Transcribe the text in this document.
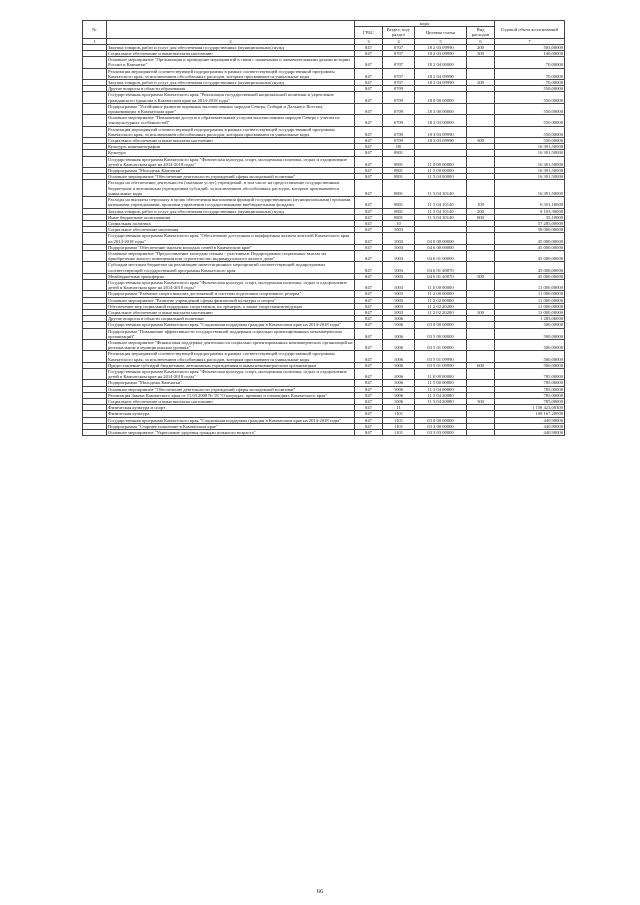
№		коды				Годовой объем ассигнований
		ГРБС	Раздел, под-раздел	Целевая статья	Вид расходов	
1	2	3	4	5	6	7
	Закупка товаров, работ и услуг для обеспечения государственных (муниципальных) нужд	847	0707	18 2 03 09990	200	505,00000
	Социальное обеспечение и иные выплаты населению	847	0707	18 2 03 09990	300	140,00000
	Основное мероприятие "Организация и проведение мероприятий в связи с памятными и знаменательными датами истории России и Камчатки"	847	0707	18 2 04 00000		70,00000
	Реализация мероприятий соответствующей подпрограммы в рамках соответствующей государственной программы Камчатского края, за исключением обособленных расходов, которым присваиваются уникальные коды	847	0707	18 2 04 09990		70,00000
	Закупка товаров, работ и услуг для обеспечения государственных (муниципальных) нужд	847	0707	18 2 04 09990	200	70,00000
	Другие вопросы в области образования	847	0709			550,00000
	Государственная программа Камчатского края "Реализация государственной национальной политики и укрепление гражданского единства в Камчатском крае на 2014-2018 годы"	847	0709	18 0 00 00000		550,00000
	Подпрограмма "Устойчивое развитие коренных малочисленных народов Севера, Сибири и Дальнего Востока, проживающих в Камчатском крае"	847	0709	18 3 00 00000		550,00000
	Основное мероприятие "Повышение доступа к образовательным услугам малочисленных народов Севера с учетом их этнокультурных особенностей"	847	0709	18 3 03 00000		550,00000
	Реализация мероприятий соответствующей подпрограммы в рамках соответствующей государственной программы Камчатского края, за исключением обособленных расходов, которым присваиваются уникальные коды	847	0709	18 3 03 09990		550,00000
	Социальное обеспечение и иные выплаты населению	847	0709	18 3 03 09990	300	550,00000
	Культура, кинематография	847	08			16 391,50000
	Культура	847	0801			16 391,50000
	Государственная программа Камчатского края "Физическая культура, спорт, молодежная политика, отдых и оздоровление детей в Камчатском крае на 2014-2018 годы"	847	0801	11 0 00 00000		16 391,50000
	Подпрограмма "Молодежь Камчатки"	847	0801	11 5 00 00000		16 391,50000
	Основное мероприятие "Обеспечение деятельности учреждений сферы молодежной политики"	847	0801	11 5 04 00000		16 391,50000
	Расходы на обеспечение деятельности (оказание услуг) учреждений, в том числе на предоставление государственным бюджетным и автономным учреждениям субсидий, за исключением обособленных расходов, которым присваиваются уникальные коды	847	0801	11 5 04 10140		16 391,50000
	Расходы на выплаты персоналу в целях обеспечения выполнения функций государственными (муниципальными) органами, казенными учреждениями, органами управления государственными внебюджетными фондами	847	0801	11 5 04 10140	100	6 353,10000
	Закупка товаров, работ и услуг для обеспечения государственных (муниципальных) нужд	847	0801	11 5 04 10140	200	8 103,30000
	Иные бюджетные ассигнования	847	0801	11 5 04 10140	800	35,10000
	Социальная политика	847	10			57 285,00000
	Социальное обеспечение населения	847	1003			58 000,00000
	Государственная программа Камчатского края "Обеспечение доступным и комфортным жильем жителей Камчатского края на 2014-2018 годы"	847	1003	04 0 00 00000		45 000,00000
	Подпрограмма "Обеспечение жильем молодых семей в Камчатском крае"	847	1003	04 6 00 00000		45 000,00000
	Основное мероприятие "Предоставление молодым семьям - участникам Подпрограммы социальных выплат на приобретение жилого помещения или строительство индивидуального жилого дома"	847	1003	04 6 01 00000		45 000,00000
	Субсидии местным бюджетам на реализацию инвестиционных мероприятий соответствующей подпрограммы соответствующей государственной программы Камчатского края	847	1003	04 6 01 40070		45 000,00000
	Межбюджетные трансферты	847	1003	04 6 01 40070	500	45 000,00000
	Государственная программа Камчатского края "Физическая культура, спорт, молодежная политика, отдых и оздоровление детей в Камчатском крае на 2014-2018 годы"	847	1003	11 0 00 00000		11 000,00000
	Подпрограмма "Развитие спорта высших достижений и системы подготовки спортивного резерва"	847	1003	11 2 00 00000		11 000,00000
	Основное мероприятие "Развитие учреждений сферы физической культуры и спорта"	847	1003	11 2 02 00000		11 000,00000
	Обеспечение мер социальной поддержки спортсменов, их тренеров, а также спортсменов-ведущих	847	1003	11 2 02 20200		11 000,00000
	Социальное обеспечение и иные выплаты населению	847	1003	11 2 02 20200	300	11 000,00000
	Другие вопросы в области социальной политики	847	1006			1 285,00000
	Государственная программа Камчатского края "Социальная поддержка граждан в Камчатском крае на 2014-2018 годы"	847	1006	03 0 00 00000		500,00000
	Подпрограмма "Повышение эффективности государственной поддержки социально ориентированных некоммерческих организаций"	847	1006	03 5 00 00000		500,00000
	Основное мероприятие "Финансовая поддержка деятельности социально ориентированных некоммерческих организаций на региональном и муниципальном уровнях"	847	1006	03 5 01 00000		500,00000
	Реализация мероприятий соответствующей подпрограммы в рамках соответствующей государственной программы Камчатского края, за исключением обособленных расходов, которым присваиваются уникальные коды	847	1006	03 5 01 09990		500,00000
	Предоставление субсидий бюджетным, автономным учреждениям и иным некоммерческим организациям	847	1006	03 5 01 09990	600	500,00000
	Государственная программа Камчатского края "Физическая культура, спорт, молодежная политика, отдых и оздоровление детей в Камчатском крае на 2014-2018 годы"	847	1006	11 0 00 00000		785,00000
	Подпрограмма "Молодежь Камчатки"	847	1006	11 5 00 00000		785,00000
	Основное мероприятие "Обеспечение деятельности учреждений сферы молодежной политики"	847	1006	11 5 04 00000		785,00000
	Реализация Закона Камчатского края от 11.03.2008 № 18 "О наградах, премиях и стипендиях Камчатского края"	847	1006	11 5 04 20080		785,00000
	Социальное обеспечение и иные выплаты населению	847	1006	11 5 04 20080	300	785,00000
	Физическая культура и спорт	847	11			1 158 423,08300
	Физическая культура	847	1101			108 167,20000
	Государственная программа Камчатского края "Социальная поддержка граждан в Камчатском крае на 2014-2018 годы"	847	1101	03 0 00 00000		440,90000
	Подпрограмма "Старшее поколение в Камчатском крае"	847	1101	03 3 00 00000		440,90000
	Основное мероприятие "Укрепление здоровья граждан пожилого возраста"	847	1101	03 3 03 00000		440,90000
66
